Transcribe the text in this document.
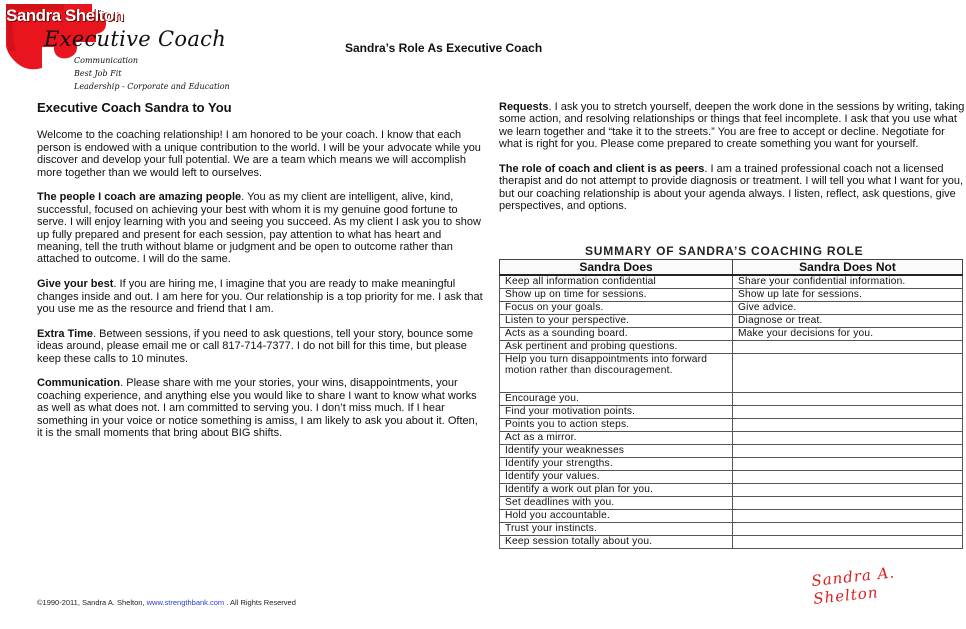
Sandra Shelton
Executive Coach
Communication
Best Job Fit
Leadership - Corporate and Education
Sandra’s Role As Executive Coach
Executive Coach Sandra to You

Welcome to the coaching relationship! I am honored to be your coach. I know that each person is endowed with a unique contribution to the world. I will be your advocate while you discover and develop your full potential. We are a team which means we will accomplish more together than we would left to ourselves.

The people I coach are amazing people. You as my client are intelligent, alive, kind, successful, focused on achieving your best with whom it is my genuine good fortune to serve. I will enjoy learning with you and seeing you succeed. As my client I ask you to show up fully prepared and present for each session, pay attention to what has heart and meaning, tell the truth without blame or judgment and be open to outcome rather than attached to outcome. I will do the same.

Give your best. If you are hiring me, I imagine that you are ready to make meaningful changes inside and out. I am here for you. Our relationship is a top priority for me. I ask that you use me as the resource and friend that I am.

Extra Time. Between sessions, if you need to ask questions, tell your story, bounce some ideas around, please email me or call 817-714-7377. I do not bill for this time, but please keep these calls to 10 minutes.

Communication. Please share with me your stories, your wins, disappointments, your coaching experience, and anything else you would like to share I want to know what works as well as what does not. I am committed to serving you. I don’t miss much. If I hear something in your voice or notice something is amiss, I am likely to ask you about it. Often, it is the small moments that bring about BIG shifts.

Requests. I ask you to stretch yourself, deepen the work done in the sessions by writing, taking some action, and resolving relationships or things that feel incomplete. I ask that you use what we learn together and “take it to the streets.” You are free to accept or decline. Negotiate for what is right for you. Please come prepared to create something you want for yourself.

The role of coach and client is as peers. I am a trained professional coach not a licensed therapist and do not attempt to provide diagnosis or treatment. I will tell you what I want for you, but our coaching relationship is about your agenda always. I listen, reflect, ask questions, give perspectives, and options.

SUMMARY OF SANDRA’S COACHING ROLE
Sandra Does	Sandra Does Not
Keep all information confidential	Share your confidential information.
Show up on time for sessions.	Show up late for sessions.
Focus on your goals.	Give advice.
Listen to your perspective.	Diagnose or treat.
Acts as a sounding board.	Make your decisions for you.
Ask pertinent and probing questions.	
Help you turn disappointments into forward motion rather than discouragement.	
Encourage you.	
Find your motivation points.	
Points you to action steps.	
Act as a mirror.	
Identify your weaknesses	
Identify your strengths.	
Identify your values.	
Identify a work out plan for you.	
Set deadlines with you.	
Hold you accountable.	
Trust your instincts.	
Keep session totally about you.	
©1990-2011, Sandra A. Shelton, www.strengthbank.com . All Rights Reserved
Sandra A. Shelton
